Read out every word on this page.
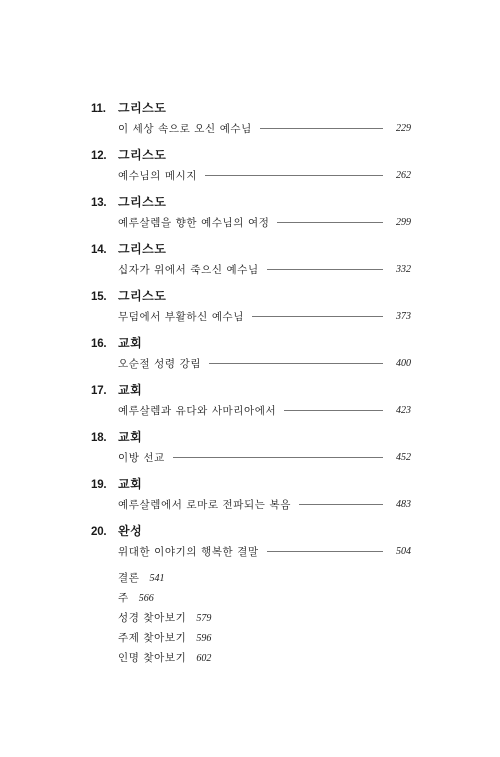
11.	그리스도
이 세상 속으로 오신 예수님	229
12. 그리스도
예수님의 메시지	262
13. 그리스도
예루살렘을 향한 예수님의 여정	299
14. 그리스도
십자가 위에서 죽으신 예수님	332
15. 그리스도
무덤에서 부활하신 예수님	373
16. 교회
오순절 성령 강림	400
17. 교회
예루살렘과 유다와 사마리아에서	423
18. 교회
이방 선교	452
19. 교회
예루살렘에서 로마로 전파되는 복음	483
20. 완성
위대한 이야기의 행복한 결말	504
결론 541
주 566
성경 찾아보기 579
주제 찾아보기 596
인명 찾아보기 602
